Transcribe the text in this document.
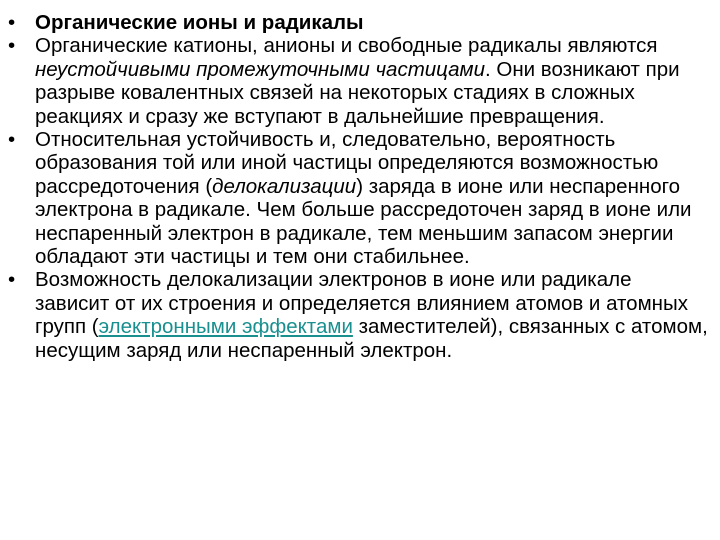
• Органические ионы и радикалы
• Органические катионы, анионы и свободные радикалы являются неустойчивыми промежуточными частицами. Они возникают при разрыве ковалентных связей на некоторых стадиях в сложных реакциях и сразу же вступают в дальнейшие превращения.
• Относительная устойчивость и, следовательно, вероятность образования той или иной частицы определяются возможностью рассредоточения (делокализации) заряда в ионе или неспаренного электрона в радикале. Чем больше рассредоточен заряд в ионе или неспаренный электрон в радикале, тем меньшим запасом энергии обладают эти частицы и тем они стабильнее.
• Возможность делокализации электронов в ионе или радикале зависит от их строения и определяется влиянием атомов и атомных групп (электронными эффектами заместителей), связанных с атомом, несущим заряд или неспаренный электрон.
